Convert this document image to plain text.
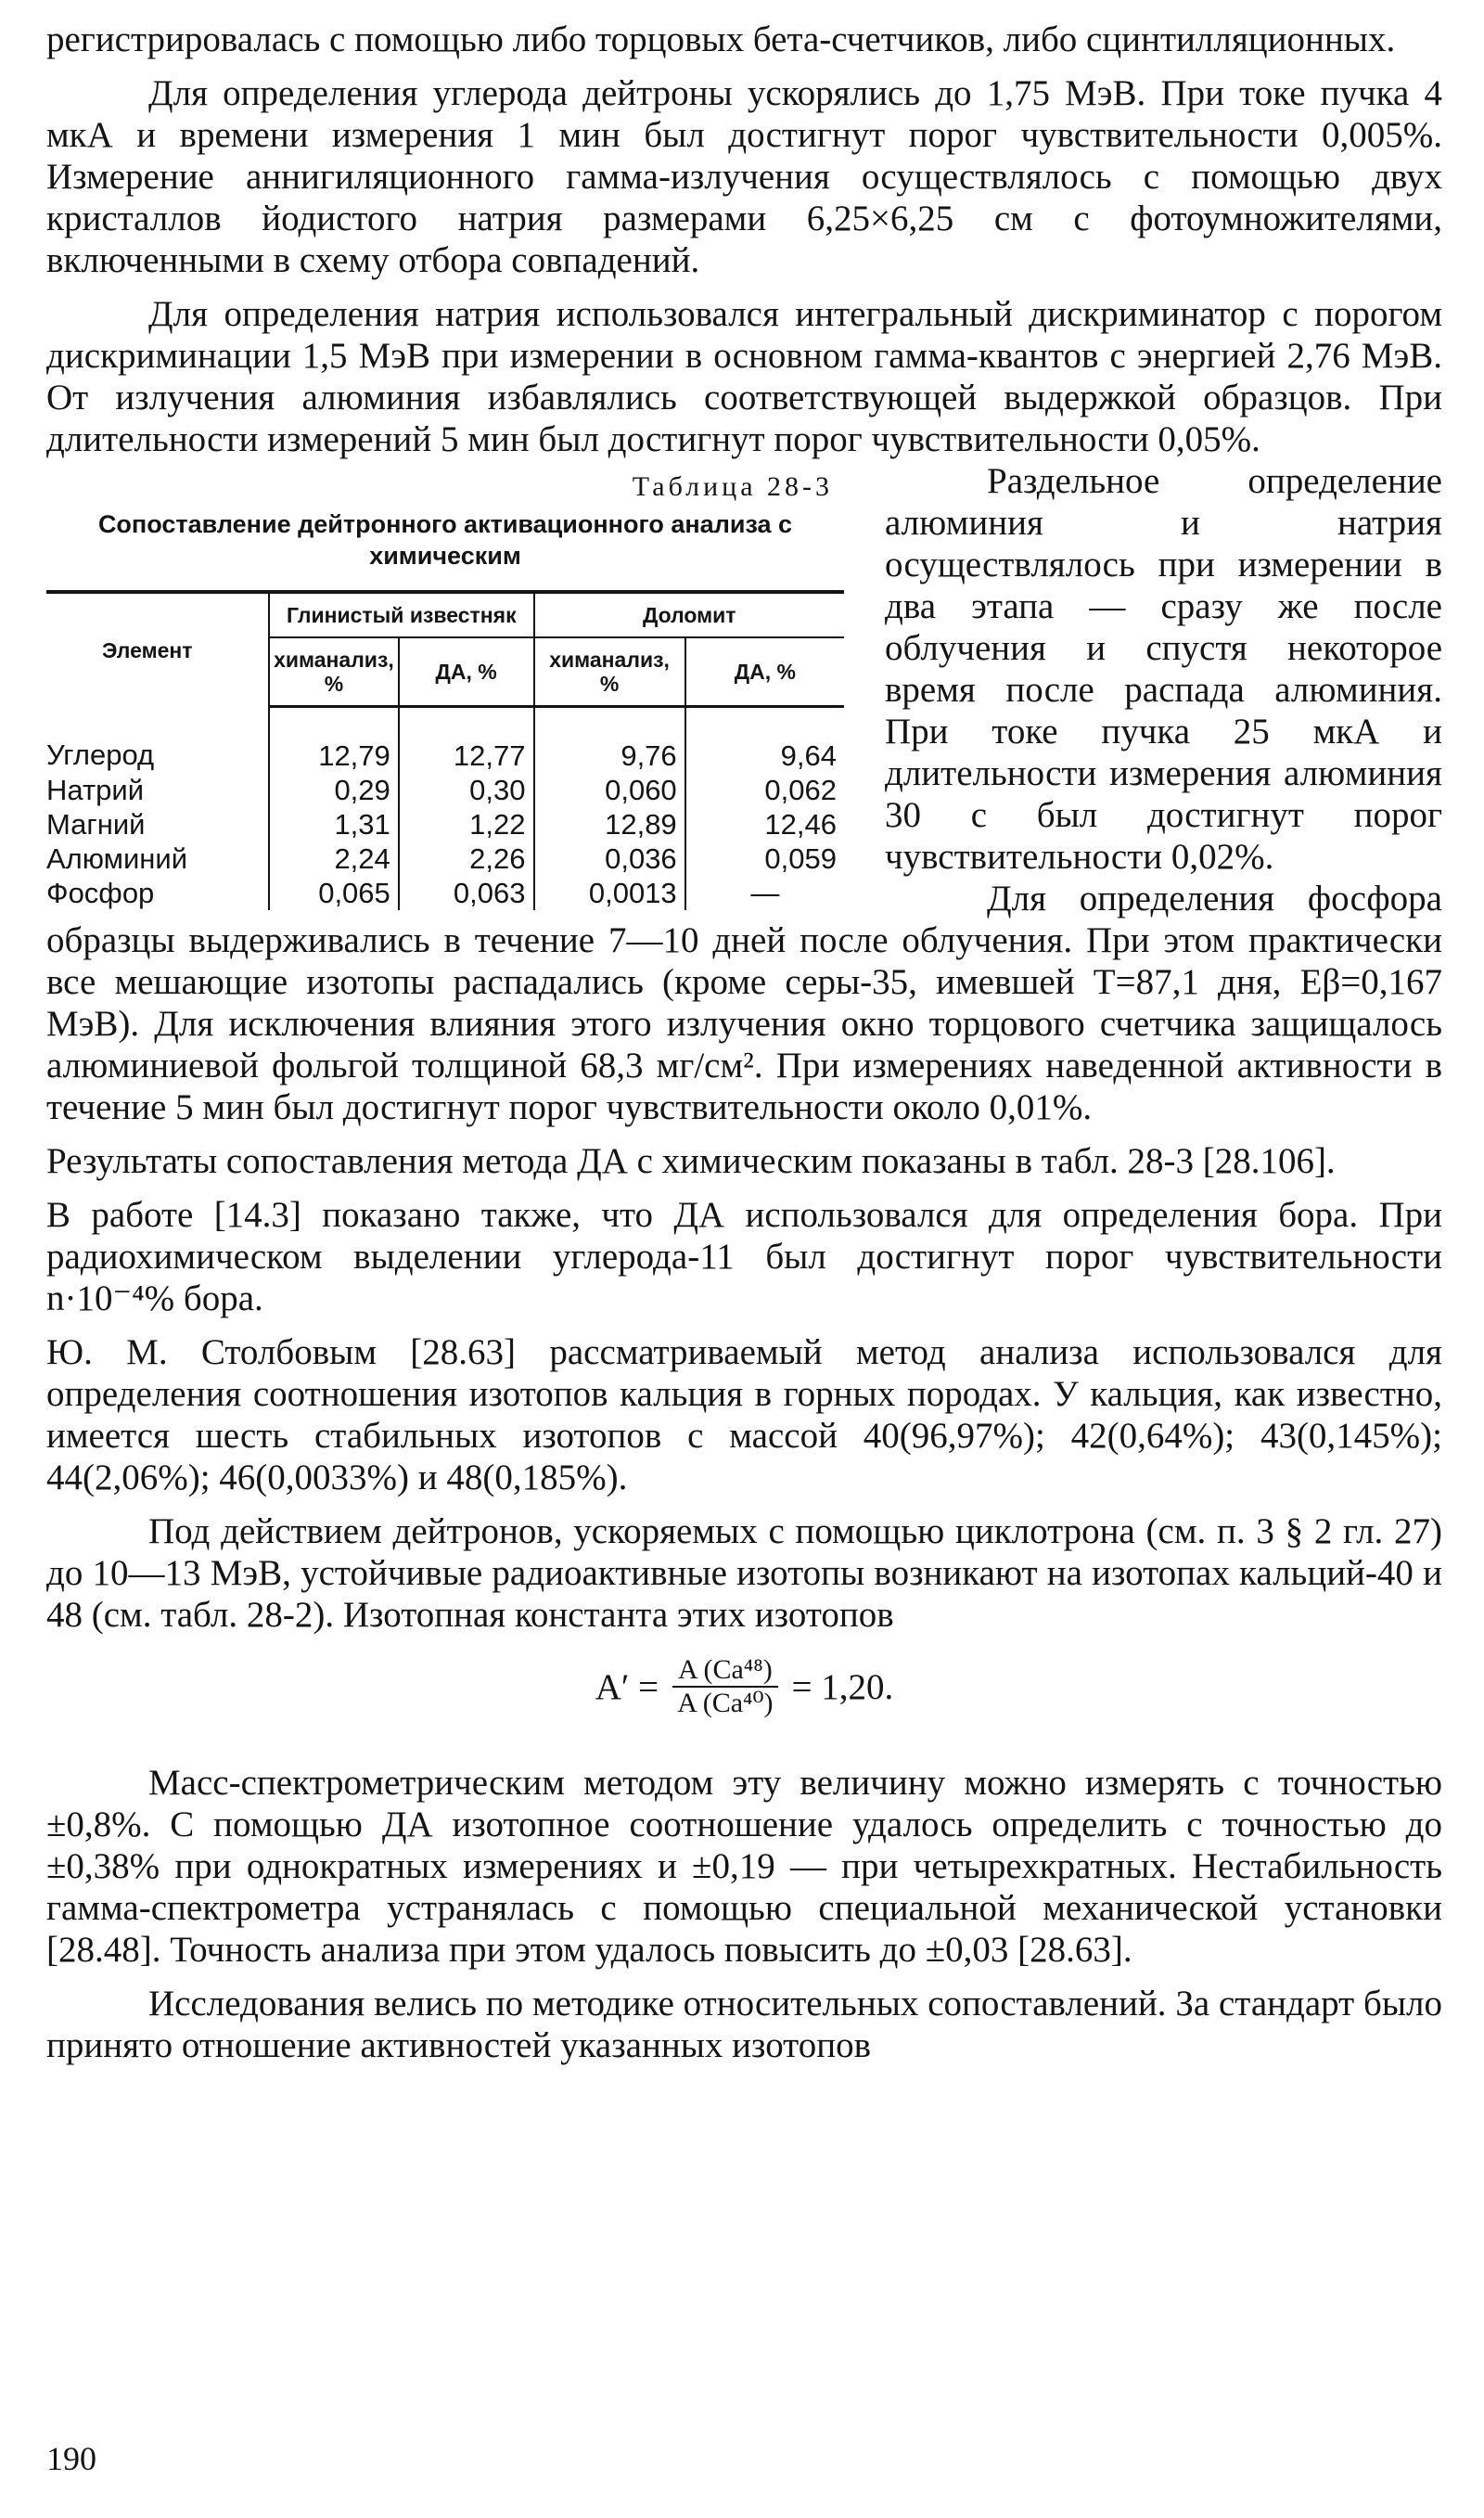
регистрировалась с помощью либо торцовых бета-счетчиков, либо сцинтилляционных.

Для определения углерода дейтроны ускорялись до 1,75 МэВ. При токе пучка 4 мкА и времени измерения 1 мин был достигнут порог чувствительности 0,005%. Измерение аннигиляционного гамма-излучения осуществлялось с помощью двух кристаллов йодистого натрия размерами 6,25×6,25 см с фотоумножителями, включенными в схему отбора совпадений.

Для определения натрия использовался интегральный дискриминатор с порогом дискриминации 1,5 МэВ при измерении в основном гамма-квантов с энергией 2,76 МэВ. От излучения алюминия избавлялись соответствующей выдержкой образцов. При длительности измерений 5 мин был достигнут порог чувствительности 0,05%.

Таблица 28-3
Сопоставление дейтронного активационного анализа с химическим
Элемент	Глинистый известняк		Доломит	
	химанализ, %	ДА, %	химанализ, %	ДА, %
Углерод	12,79	12,77	9,76	9,64
Натрий	0,29	0,30	0,060	0,062
Магний	1,31	1,22	12,89	12,46
Алюминий	2,24	2,26	0,036	0,059
Фосфор	0,065	0,063	0,0013	—

Раздельное определение алюминия и натрия осуществлялось при измерении в два этапа — сразу же после облучения и спустя некоторое время после распада алюминия. При токе пучка 25 мкА и длительности измерения алюминия 30 с был достигнут порог чувствительности 0,02%.

Для определения фосфора образцы выдерживались в течение 7—10 дней после облучения. При этом практически все мешающие изотопы распадались (кроме серы-35, имевшей T=87,1 дня, Eβ=0,167 МэВ). Для исключения влияния этого излучения окно торцового счетчика защищалось алюминиевой фольгой толщиной 68,3 мг/см². При измерениях наведенной активности в течение 5 мин был достигнут порог чувствительности около 0,01%.

Результаты сопоставления метода ДА с химическим показаны в табл. 28-3 [28.106].

В работе [14.3] показано также, что ДА использовался для определения бора. При радиохимическом выделении углерода-11 был достигнут порог чувствительности n·10⁻⁴% бора.

Ю. М. Столбовым [28.63] рассматриваемый метод анализа использовался для определения соотношения изотопов кальция в горных породах. У кальция, как известно, имеется шесть стабильных изотопов с массой 40(96,97%); 42(0,64%); 43(0,145%); 44(2,06%); 46(0,0033%) и 48(0,185%).

Под действием дейтронов, ускоряемых с помощью циклотрона (см. п. 3 § 2 гл. 27) до 10—13 МэВ, устойчивые радиоактивные изотопы возникают на изотопах кальций-40 и 48 (см. табл. 28-2). Изотопная константа этих изотопов

$A' = \frac{\text{A (Ca⁴⁸)}}{\text{A (Ca⁴⁰)}} = 1,20$.

Масс-спектрометрическим методом эту величину можно измерять с точностью ±0,8%. С помощью ДА изотопное соотношение удалось определить с точностью до ±0,38% при однократных измерениях и ±0,19 — при четырехкратных. Нестабильность гамма-спектрометра устранялась с помощью специальной механической установки [28.48]. Точность анализа при этом удалось повысить до ±0,03 [28.63].

Исследования велись по методике относительных сопоставлений. За стандарт было принято отношение активностей указанных изотопов

190
